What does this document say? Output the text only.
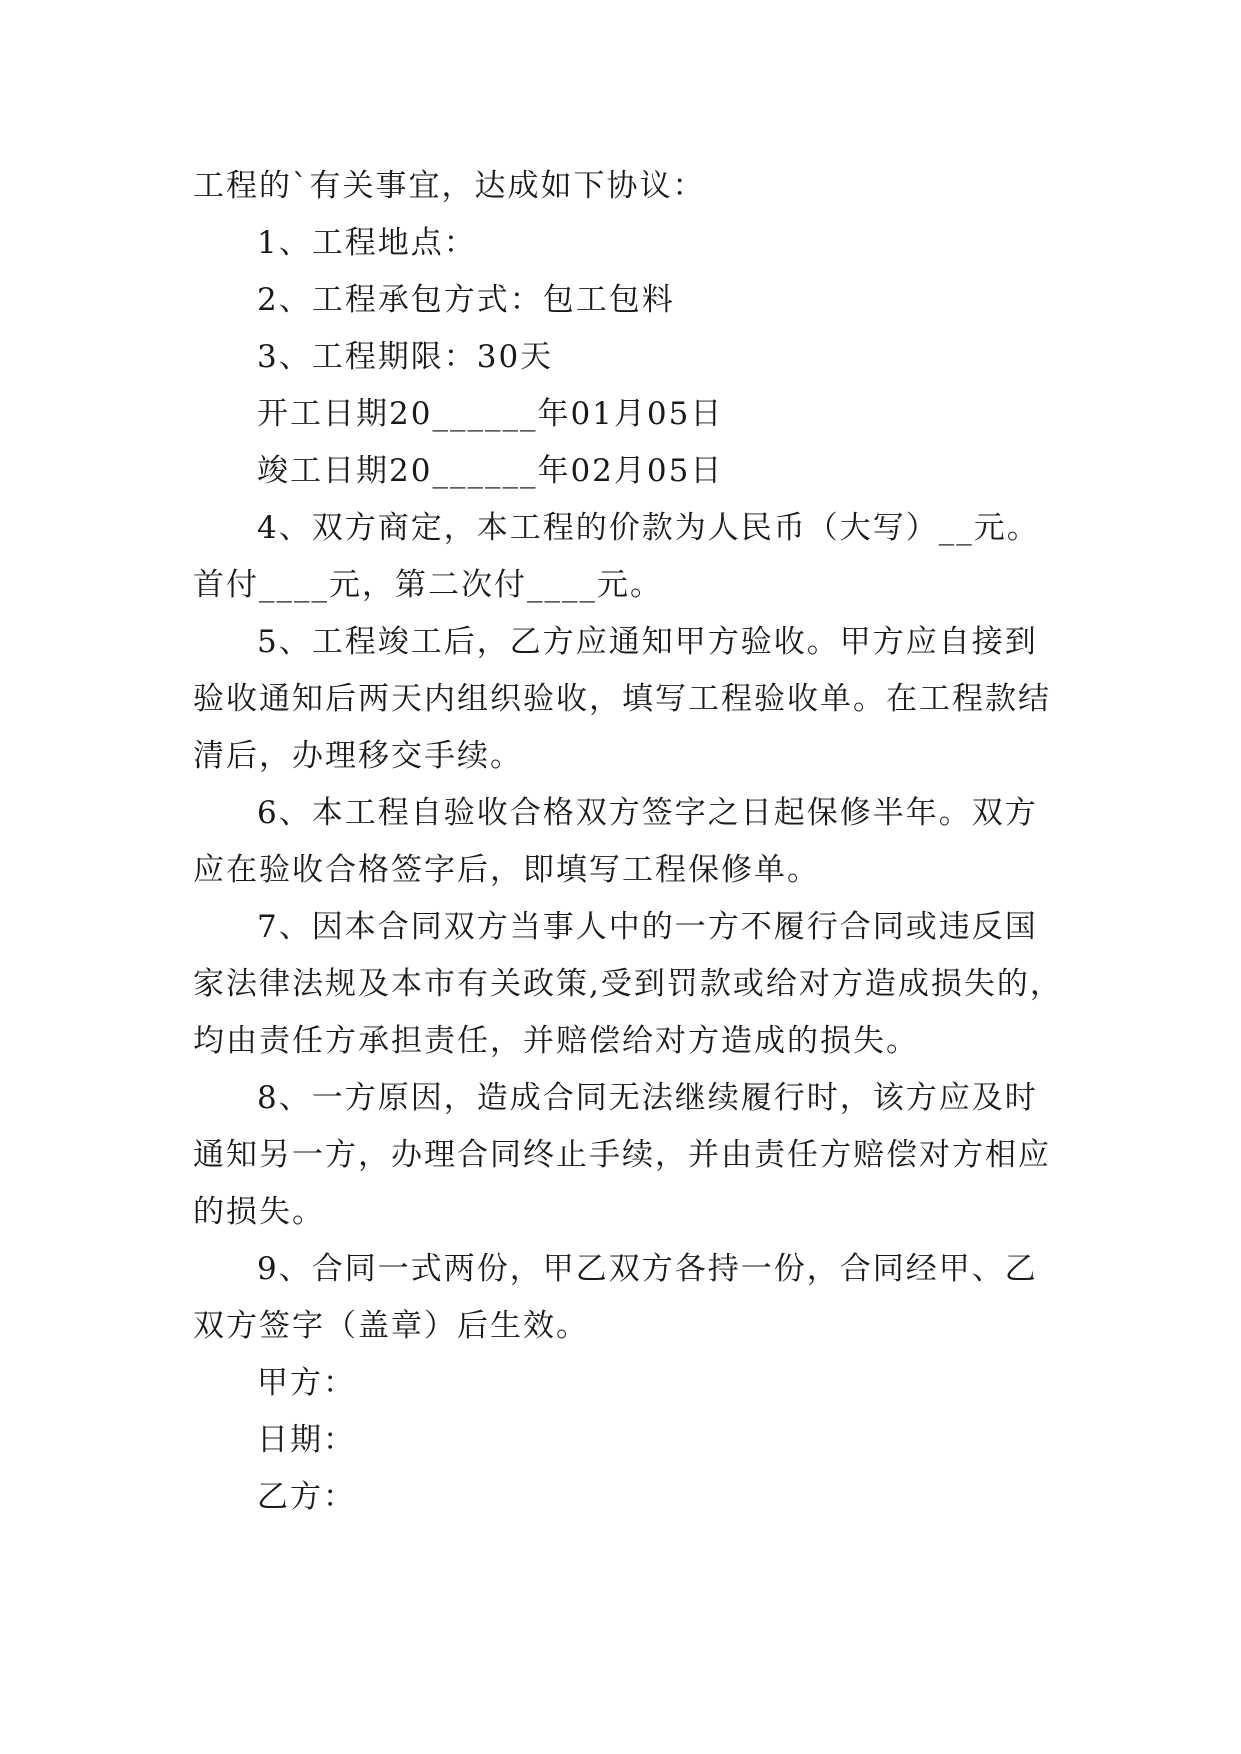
工程的`有关事宜，达成如下协议：
1、工程地点：
2、工程承包方式：包工包料
3、工程期限：30天
开工日期20______年01月05日
竣工日期20______年02月05日
4、双方商定，本工程的价款为人民币（大写）__元。
首付____元，第二次付____元。
5、工程竣工后，乙方应通知甲方验收。甲方应自接到
验收通知后两天内组织验收，填写工程验收单。在工程款结
清后，办理移交手续。
6、本工程自验收合格双方签字之日起保修半年。双方
应在验收合格签字后，即填写工程保修单。
7、因本合同双方当事人中的一方不履行合同或违反国
家法律法规及本市有关政策,受到罚款或给对方造成损失的，
均由责任方承担责任，并赔偿给对方造成的损失。
8、一方原因，造成合同无法继续履行时，该方应及时
通知另一方，办理合同终止手续，并由责任方赔偿对方相应
的损失。
9、合同一式两份，甲乙双方各持一份，合同经甲、乙
双方签字（盖章）后生效。
甲方：
日期：
乙方：
